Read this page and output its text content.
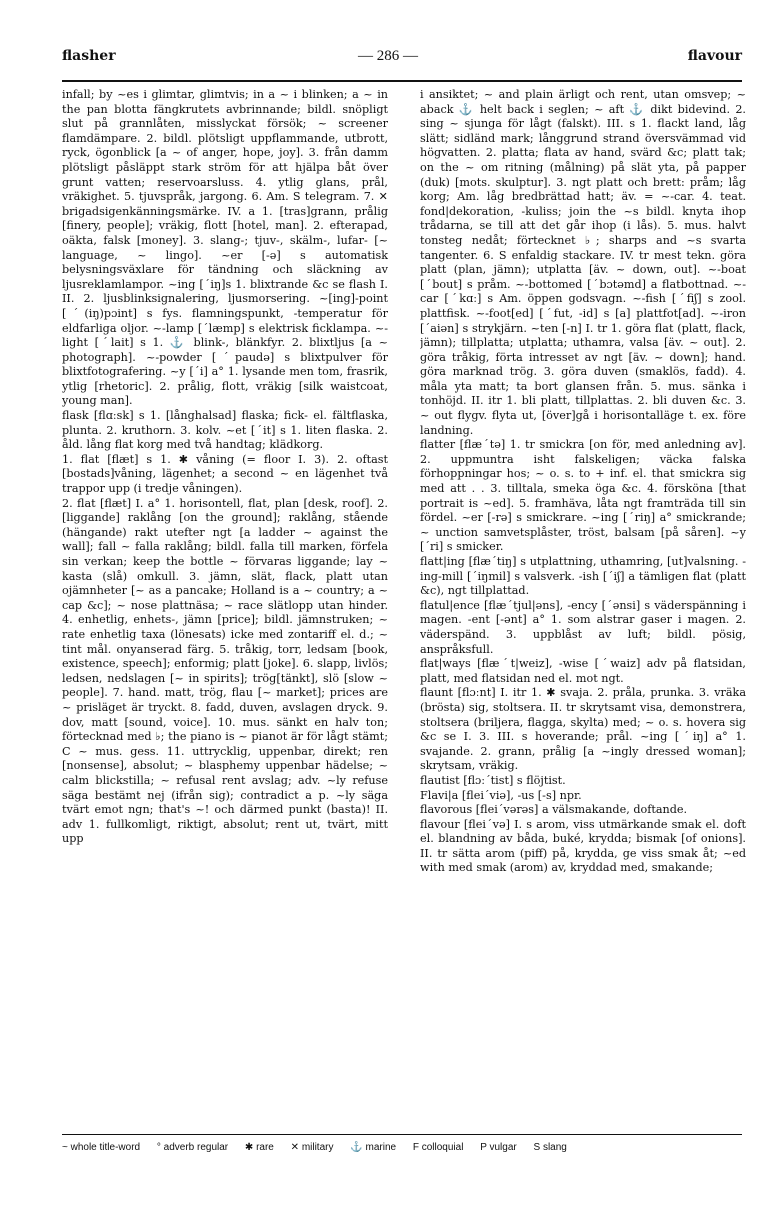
flasher	— 286 —	flavour

infall; by ~es i glimtar, glimtvis; in a ~ i blinken; a ~ in the pan blotta fängkrutets avbrinnande; bildl. snöpligt slut på grannlåten, misslyckat försök; ~ screener flamdämpare. 2. bildl. plötsligt uppflammande, utbrott, ryck, ögonblick [a ~ of anger, hope, joy]. 3. från damm plötsligt påsläppt stark ström för att hjälpa båt över grunt vatten; reservoarsluss. 4. ytlig glans, prål, vräkighet. 5. tjuvspråk, jargong. 6. Am. S telegram. 7. ✕ brigadsigenkänningsmärke. IV. a 1. [tras]grann, prålig [finery, people]; vräkig, flott [hotel, man]. 2. efterapad, oäkta, falsk [money]. 3. slang-; tjuv-, skälm-, lufar- [~ language, ~ lingo]. ~er [-ə] s automatisk belysningsväxlare för tändning och släckning av ljusreklamlampor. ~ing [ˊiŋ]s 1. blixtrande &c se flash I. II. 2. ljusblinksignalering, ljusmorsering. ~[ing]-point [ˊ(iŋ)pɔint] s fys. flamningspunkt, -temperatur för eldfarliga oljor. ~-lamp [ˊlæmp] s elektrisk ficklampa. ~-light [ˊlait] s 1. ⚓ blink-, blänkfyr. 2. blixtljus [a ~ photograph]. ~-powder [ˊpaudə] s blixtpulver för blixtfotografering. ~y [ˊi] a° 1. lysande men tom, frasrik, ytlig [rhetoric]. 2. prålig, flott, vräkig [silk waistcoat, young man].

flask [flɑːsk] s 1. [långhalsad] flaska; fick- el. fältflaska, plunta. 2. kruthorn. 3. kolv. ~et [ˊit] s 1. liten flaska. 2. åld. lång flat korg med två handtag; klädkorg.

1. flat [flæt] s 1. ✱ våning (= floor I. 3). 2. oftast [bostads]våning, lägenhet; a second ~ en lägenhet två trappor upp (i tredje våningen).

2. flat [flæt] I. a° 1. horisontell, flat, plan [desk, roof]. 2. [liggande] raklång [on the ground]; raklång, stående (hängande) rakt utefter ngt [a ladder ~ against the wall]; fall ~ falla raklång; bildl. falla till marken, förfela sin verkan; keep the bottle ~ förvaras liggande; lay ~ kasta (slå) omkull. 3. jämn, slät, flack, platt utan ojämnheter [~ as a pancake; Holland is a ~ country; a ~ cap &c]; ~ nose plattnäsa; ~ race slätlopp utan hinder. 4. enhetlig, enhets-, jämn [price]; bildl. jämnstruken; ~ rate enhetlig taxa (lönesats) icke med zontariff el. d.; ~ tint mål. onyanserad färg. 5. tråkig, torr, ledsam [book, existence, speech]; enformig; platt [joke]. 6. slapp, livlös; ledsen, nedslagen [~ in spirits]; trög[tänkt], slö [slow ~ people]. 7. hand. matt, trög, flau [~ market]; prices are ~ prisläget är tryckt. 8. fadd, duven, avslagen dryck. 9. dov, matt [sound, voice]. 10. mus. sänkt en halv ton; förtecknad med ♭; the piano is ~ pianot är för lågt stämt; C ~ mus. gess. 11. uttrycklig, uppenbar, direkt; ren [nonsense], absolut; ~ blasphemy uppenbar hädelse; ~ calm blickstilla; ~ refusal rent avslag; adv. ~ly refuse säga bestämt nej (ifrån sig); contradict a p. ~ly säga tvärt emot ngn; that's ~! och därmed punkt (basta)! II. adv 1. fullkomligt, riktigt, absolut; rent ut, tvärt, mitt upp

i ansiktet; ~ and plain ärligt och rent, utan omsvep; ~ aback ⚓ helt back i seglen; ~ aft ⚓ dikt bidevind. 2. sing ~ sjunga för lågt (falskt). III. s 1. flackt land, låg slätt; sidländ mark; långgrund strand översvämmad vid högvatten. 2. platta; flata av hand, svärd &c; platt tak; on the ~ om ritning (målning) på slät yta, på papper (duk) [mots. skulptur]. 3. ngt platt och brett: pråm; låg korg; Am. låg bredbrättad hatt; äv. = ~-car. 4. teat. fond|dekoration, -kuliss; join the ~s bildl. knyta ihop trådarna, se till att det går ihop (i lås). 5. mus. halvt tonsteg nedåt; förtecknet ♭; sharps and ~s svarta tangenter. 6. S enfaldig stackare. IV. tr mest tekn. göra platt (plan, jämn); utplatta [äv. ~ down, out]. ~-boat [ˊbout] s pråm. ~-bottomed [ˊbɔtəmd] a flatbottnad. ~-car [ˊkɑː] s Am. öppen godsvagn. ~-fish [ˊfiʃ] s zool. plattfisk. ~-foot[ed] [ˊfut, -id] s [a] plattfot[ad]. ~-iron [ˊaiən] s strykjärn. ~ten [-n] I. tr 1. göra flat (platt, flack, jämn); tillplatta; utplatta; uthamra, valsa [äv. ~ out]. 2. göra tråkig, förta intresset av ngt [äv. ~ down]; hand. göra marknad trög. 3. göra duven (smaklös, fadd). 4. måla yta matt; ta bort glansen från. 5. mus. sänka i tonhöjd. II. itr 1. bli platt, tillplattas. 2. bli duven &c. 3. ~ out flygv. flyta ut, [över]gå i horisontalläge t. ex. före landning.

flatter [flæˊtə] 1. tr smickra [on för, med anledning av]. 2. uppmuntra isht falskeligen; väcka falska förhoppningar hos; ~ o. s. to + inf. el. that smickra sig med att . . 3. tilltala, smeka öga &c. 4. försköna [that portrait is ~ed]. 5. framhäva, låta ngt framträda till sin fördel. ~er [-rə] s smickrare. ~ing [ˊriŋ] a° smickrande; ~ unction samvetsplåster, tröst, balsam [på såren]. ~y [ˊri] s smicker.

flatt|ing [flæˊtiŋ] s utplattning, uthamring, [ut]valsning. -ing-mill [ˊiŋmil] s valsverk. -ish [ˊiʃ] a tämligen flat (platt &c), ngt tillplattad.

flatul|ence [flæˊtjul|əns], -ency [ˊənsi] s väderspänning i magen. -ent [-ənt] a° 1. som alstrar gaser i magen. 2. väderspänd. 3. uppblåst av luft; bildl. pösig, anspråksfull.

flat|ways [flæˊt|weiz], -wise [ˊwaiz] adv på flatsidan, platt, med flatsidan ned el. mot ngt.

flaunt [flɔːnt] I. itr 1. ✱ svaja. 2. pråla, prunka. 3. vräka (brösta) sig, stoltsera. II. tr skrytsamt visa, demonstrera, stoltsera (briljera, flagga, skylta) med; ~ o. s. hovera sig &c se I. 3. III. s hoverande; prål. ~ing [ˊiŋ] a° 1. svajande. 2. grann, prålig [a ~ingly dressed woman]; skrytsam, vräkig.

flautist [flɔːˊtist] s flöjtist.

Flavi|a [fleiˊviə], -us [-s] npr.

flavorous [fleiˊvərəs] a välsmakande, doftande.

flavour [fleiˊvə] I. s arom, viss utmärkande smak el. doft el. blandning av båda, buké, krydda; bismak [of onions]. II. tr sätta arom (piff) på, krydda, ge viss smak åt; ~ed with med smak (arom) av, kryddad med, smakande;

~ whole title-word ° adverb regular ✱ rare ✕ military ⚓ marine F colloquial P vulgar S slang
